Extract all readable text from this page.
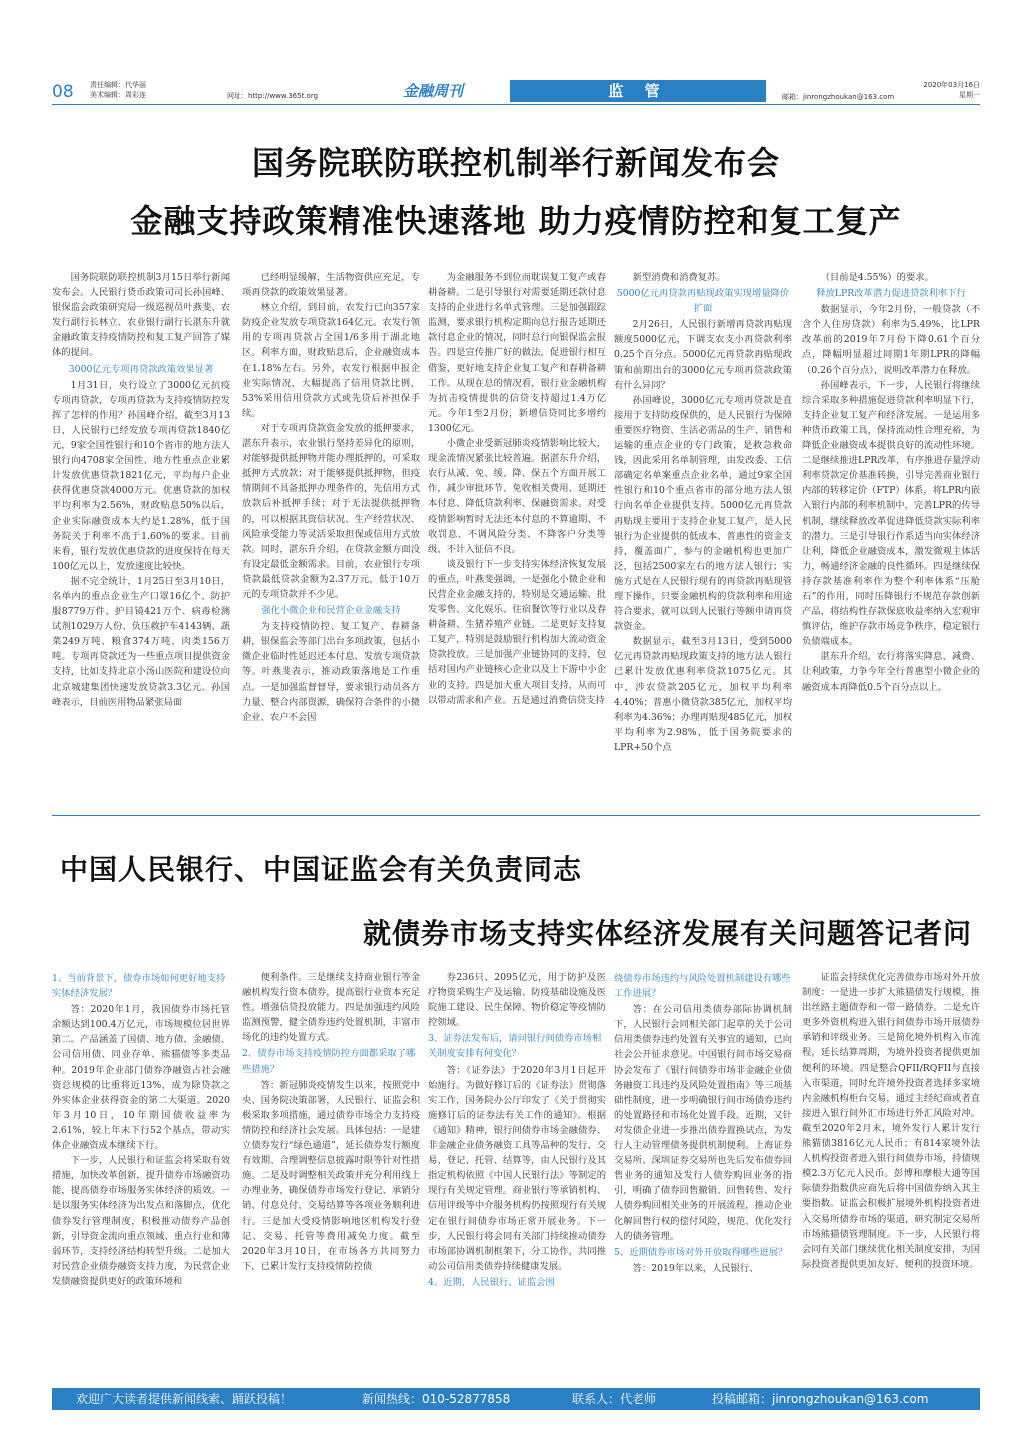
08 责任编辑：代华丽
美术编辑：周彩连	网址：http://www.365t.org	金融周刊	监 管	邮箱：jinrongzhoukan@163.com
2020年03月16日
星期一
国务院联防联控机制举行新闻发布会
金融支持政策精准快速落地 助力疫情防控和复工复产

国务院联防联控机制3月15日举行新闻发布会。人民银行货币政策司司长孙国峰、银保监会政策研究局一级巡视员叶燕斐、农发行副行长林立、农业银行副行长湛东升就金融政策支持疫情防控和复工复产回答了媒体的提问。

3000亿元专项再贷款政策效果显著

1月31日，央行设立了3000亿元抗疫专项再贷款，专项再贷款为支持疫情防控发挥了怎样的作用？孙国峰介绍，截至3月13日，人民银行已经发放专项再贷款1840亿元，9家全国性银行和10个省市的地方法人银行向4708家全国性、地方性重点企业累计发放优惠贷款1821亿元，平均每户企业获得优惠贷款4000万元。优惠贷款的加权平均利率为2.56%，财政贴息50%以后，企业实际融资成本大约是1.28%，低于国务院关于利率不高于1.60%的要求。目前来看，银行发放优惠贷款的进度保持在每天100亿元以上，发放速度比较快。

据不完全统计，1月25日至3月10日，名单内的重点企业生产口罩16亿个、防护服8779万件、护目镜421万个、病毒检测试剂1029万人份、负压救护车4143辆、蔬菜249万吨、粮食374万吨、肉类156万吨。专项再贷款还为一些重点项目提供资金支持，比如支持北京小汤山医院和建设位向北京城建集团快速发放贷款3.3亿元。孙国峰表示，目前医用物品紧张局面

已经明显缓解，生活物资供应充足，专项再贷款的政策效果显著。

林立介绍，到目前，农发行已向357家防疫企业发放专项贷款164亿元。农发行领用的专项再贷款占全国1/6多用于湖北地区。利率方面，财政贴息后，企业融资成本在1.18%左右。另外，农发行根据申报企业实际情况，大幅提高了信用贷款比例，53%采用信用贷款方式或先贷后补担保手续。

对于专项再贷款资金发放的抵押要求，湛东升表示，农业银行坚持差异化的原则，对能够提供抵押物并能办理抵押的，可采取抵押方式放款；对于能够提供抵押物，但疫情期间不具备抵押办理条件的，先信用方式放款后补抵押手续；对于无法提供抵押物的，可以根据其资信状况、生产经营状况、风险承受能力等灵活采取担保或信用方式放款。同时，湛东升介绍，在贷款金额方面没有设定最低金额需求。目前，农业银行专项贷款最低贷款金额为2.37万元，低于10万元的专项贷款并不少见。

强化小微企业和民营企业金融支持

为支持疫情防控、复工复产、春耕备耕，银保监会等部门出台多项政策，包括小微企业临时性延迟还本付息、发放专项贷款等。叶燕斐表示，推动政策落地是工作重点。一是加强监督督导，要求银行动员各方力量、整合内部资源，确保符合条件的小微企业、农户不会因

为金融服务不到位而耽误复工复产或春耕备耕。二是引导银行对需要延期还款付息支持的企业进行名单式管理。三是加强跟踪监测，要求银行机构定期向总行报告延期还款付息企业的情况，同时总行向银保监会报告。四是宣传推广好的做法，促进银行相互借鉴，更好地支持企业复工复产和春耕备耕工作。从现在总的情况看，银行业金融机构为抗击疫情提供的信贷支持超过1.4万亿元。今年1至2月份，新增信贷同比多增约1300亿元。

小微企业受新冠肺炎疫情影响比较大，现金流情况紧张比较普遍。据湛东升介绍，农行从减、免、缓、降、保五个方面开展工作，减少审批环节、免收相关费用、延期还本付息、降低贷款利率、保融资需求。对受疫情影响暂时无法还本付息的不算逾期、不收罚息、不调风险分类、不降客户分类等级、不计入征信不良。

谈及银行下一步支持实体经济恢复发展的重点，叶燕斐强调，一是强化小微企业和民营企业金融支持的，特别是交通运输、批发零售、文化娱乐、住宿餐饮等行业以及春耕备耕、生猪养殖产业链。二是更好支持复工复产，特别是鼓励银行机构加大流动资金贷款投放。三是加强产业链协同的支持，包括对国内产业链核心企业以及上下游中小企业的支持。四是加大重大项目支持，从而可以带动需求和产业。五是通过消费信贷支持

新型消费和消费复苏。

5000亿元再贷款再贴现政策实现增量降价扩面

2月26日，人民银行新增再贷款再贴现额度5000亿元，下调支农支小再贷款利率0.25个百分点。5000亿元再贷款再贴现政策和前期出台的3000亿元专项再贷款政策有什么异同？

孙国峰说，3000亿元专项再贷款是直接用于支持防疫保供的，是人民银行为保障重要医疗物资、生活必需品的生产、销售和运输的重点企业的专门政策，是救急救命钱，因此采用名单制管理，由发改委、工信部确定名单案重点企业名单，通过9家全国性银行和10个重点省市的部分地方法人银行向名单企业提供支持。5000亿元再贷款再贴现主要用于支持企业复工复产，是人民银行为企业提供的低成本、普惠性的资金支持，覆盖面广，参与的金融机构也更加广泛，包括2500家左右的地方法人银行；实施方式是在人民银行现有的再贷款再贴现管理下操作，只要金融机构的贷款利率和用途符合要求，就可以到人民银行等额申请再贷款资金。

数据显示，截至3月13日，受到5000亿元再贷款再贴现政策支持的地方法人银行已累计发放优惠利率贷款1075亿元。其中，涉农贷款205亿元，加权平均利率4.40%；普惠小微贷款385亿元，加权平均利率为4.36%；办理再贴现485亿元，加权平均利率为2.98%，低于国务院要求的LPR+50个点

（目前是4.55%）的要求。

释放LPR改革潜力促进贷款利率下行

数据显示，今年2月份，一般贷款（不含个人住房贷款）利率为5.49%，比LPR改革前的2019年7月份下降0.61个百分点，降幅明显超过同期1年期LPR的降幅（0.26个百分点），说明改革潜力在释放。

孙国峰表示，下一步，人民银行将继续综合采取多种措施促进贷款利率明显下行，支持企业复工复产和经济发展。一是运用多种货币政策工具，保持流动性合理充裕，为降低企业融资成本提供良好的流动性环境。二是继续推进LPR改革，有序推进存量浮动利率贷款定价基准转换，引导完善商业银行内部的转移定价（FTP）体系，将LPR内嵌入银行内部的利率机制中，完善LPR的传导机制，继续释放改革促进降低贷款实际利率的潜力。三是引导银行作系适当向实体经济让利，降低企业融资成本，激发微观主体活力，畅通经济金融的良性循环。四是继续保持存款基准利率作为整个利率体系“压舱石”的作用，同时压降银行不规范存款创新产品，将结构性存款保底收益率纳入宏观审慎评估，维护存款市场竞争秩序，稳定银行负债端成本。

湛东升介绍，农行将落实降息、减费、让利政策，力争今年全行普惠型小微企业的融资成本再降低0.5个百分点以上。

中国人民银行、中国证监会有关负责同志
就债券市场支持实体经济发展有关问题答记者问

1、当前背景下，债券市场如何更好地支持实体经济发展？

答：2020年1月，我国债券市场托管余额达到100.4万亿元，市场规模位居世界第二。产品涵盖了国债、地方债、金融债、公司信用债、同业存单、熊猫债等多类品种。2019年企业部门债券净融资占社会融资总规模的比重将近13%，成为除贷款之外实体企业获得资金的第二大渠道。2020年3月10日，10年期国债收益率为2.61%，较上年末下行52个基点，带动实体企业融资成本继续下行。

下一步，人民银行和证监会将采取有效措施，加快改革创新，提升债券市场融资功能，提高债券市场服务实体经济的质效。一是以服务实体经济为出发点和落脚点，优化债券发行管理制度，积极推动债券产品创新，引导资金流向重点领域、重点行业和薄弱环节，支持经济结构转型升级。二是加大对民营企业债券融资支持力度，为民营企业发债融资提供更好的政策环境和

便利条件。三是继续支持商业银行等金融机构发行资本债券，提高银行业资本充足性，增强信贷投放能力。四是加强违约风险监测预警，健全债券违约处置机制，丰富市场化的违约处置方式。

2、债券市场支持疫情防控方面都采取了哪些措施？

答：新冠肺炎疫情发生以来，按照党中央、国务院决策部署，人民银行、证监会积极采取多项措施，通过债券市场全力支持疫情防控和经济社会发展。具体包括：一是建立债券发行“绿色通道”，延长债券发行额度有效期、合理调整信息披露时限等针对性措施。二是及时调整相关政策并充分利用线上办理业务，确保债券市场发行登记、承销分销、付息兑付、交易结算等各项业务顺利进行。三是加大受疫情影响地区机构发行登记、交易、托管等费用减免力度。截至2020年3月10日，在市场各方共同努力下，已累计发行支持疫情防控债

券236只、2095亿元，用于防护及医疗物资采购生产及运输、防疫基础设施及医院施工建设、民生保障、物价稳定等疫情防控领域。

3、证券法发布后，请问银行间债券市场相关制度安排有何变化？

答：《证券法》于2020年3月1日起开始施行。为做好修订后的《证券法》贯彻落实工作，国务院办公厅印发了《关于贯彻实施修订后的证券法有关工作的通知》。根据《通知》精神，银行间债券市场金融债券、非金融企业债务融资工具等品种的发行、交易、登记、托管、结算等，由人民银行及其指定机构依照《中国人民银行法》等制定的现行有关规定管理。商业银行等承销机构、信用评级等中介服务机构仍按照现行有关规定在银行间债券市场正常开展业务。下一步，人民银行将会同有关部门持续推动债券市场部协调机制框架下，分工协作，共同推动公司信用类债券持续健康发展。

4、近期，人民银行、证监会围

绕债券市场违约与风险处置机制建设有哪些工作进展？

答：在公司信用类债券部际协调机制下，人民银行会同相关部门起草的关于公司信用类债券违约处置有关事宜的通知，已向社会公开征求意见。中国银行间市场交易商协会发布了《银行间债券市场非金融企业债务融资工具违约及风险处置指南》等三项基础性制度，进一步明确银行间市场债券违约的处置路径和市场化处置手段。近期，又针对发债企业进一步推出债券置换试点，为发行人主动管理债务提供机制便利。上海证券交易所、深圳证券交易所也先后发布债券回售业务的通知及发行人债券购回业务的指引，明确了债券回售撤销、回售转售、发行人债券购回相关业务的开展流程，推动企业化解回售行权的偿付风险，规范、优化发行人的债务管理。

5、近期债券市场对外开放取得哪些进展？

答：2019年以来，人民银行、

证监会持续优化完善债券市场对外开放制度：一是进一步扩大熊猫债发行规模，推出丝路主题债券和一带一路债券。二是允许更多外资机构进入银行间债券市场开展债券承销和评级业务。三是简化境外机构入市流程，延长结算周期，为境外投资者提供更加便利的环境。四是整合QFII/RQFII与直接入市渠道，同时允许境外投资者选择多家境内金融机构柜台交易，通过主经纪商或者直接进入银行间外汇市场进行外汇风险对冲。截至2020年2月末，境外发行人累计发行熊猫债3816亿元人民币；有814家境外法人机构投资者进入银行间债券市场，持债规模2.3万亿元人民币。彭博和摩根大通等国际债券指数供应商先后将中国债券纳入其主要指数。证监会积极扩展境外机构投资者进入交易所债券市场的渠道，研究制定交易所市场熊猫债管理制度。下一步，人民银行将会同有关部门继续优化相关制度安排，为国际投资者提供更加友好、便利的投资环境。

欢迎广大读者提供新闻线索、踊跃投稿！	新闻热线：010-52877858	联系人：代老师	投稿邮箱：jinrongzhoukan@163.com
